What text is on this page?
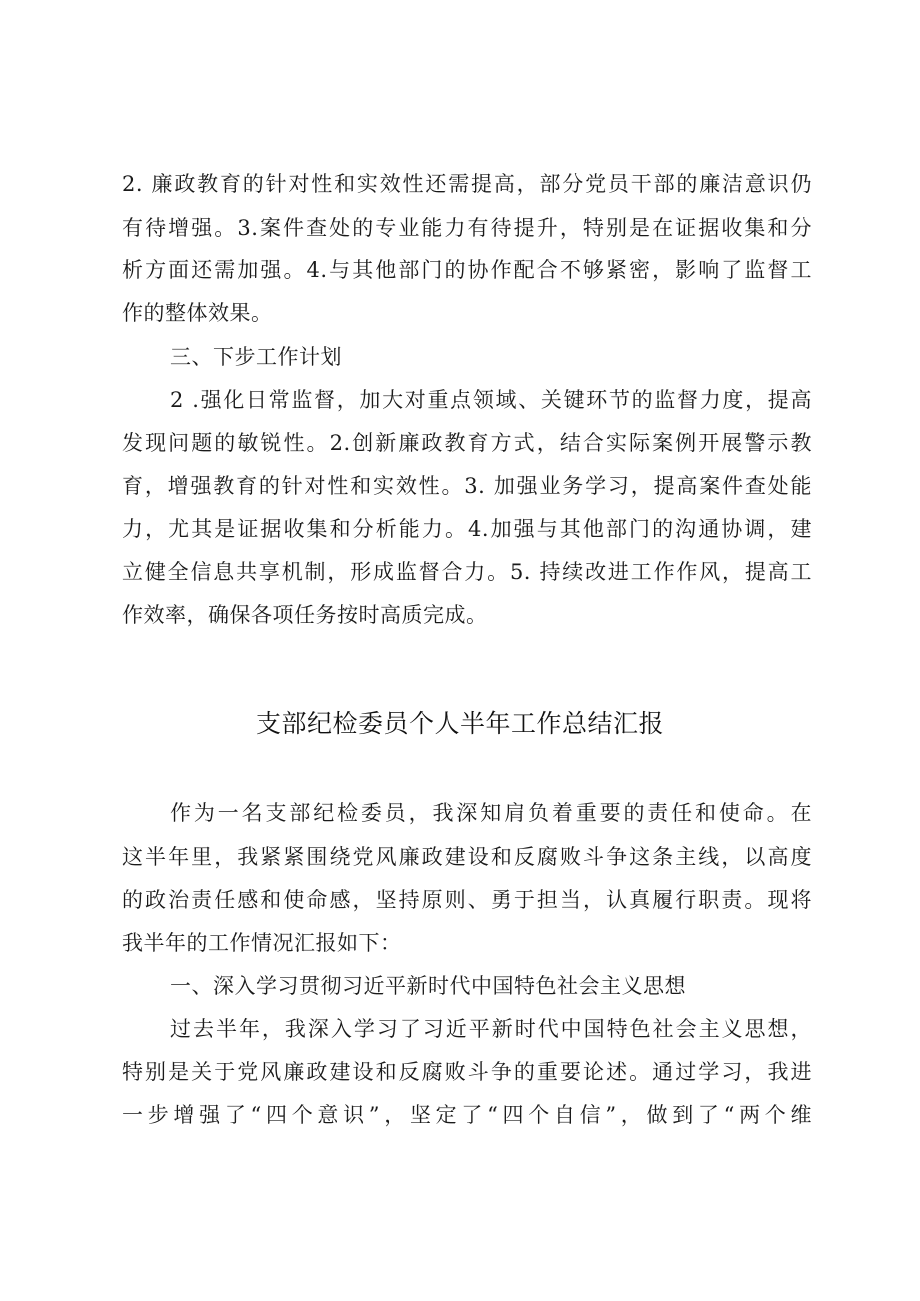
2. 廉政教育的针对性和实效性还需提高，部分党员干部的廉洁意识仍
有待增强。3.案件查处的专业能力有待提升，特别是在证据收集和分
析方面还需加强。4.与其他部门的协作配合不够紧密，影响了监督工
作的整体效果。
三、下步工作计划
2 .强化日常监督，加大对重点领域、关键环节的监督力度，提高
发现问题的敏锐性。2.创新廉政教育方式，结合实际案例开展警示教
育，增强教育的针对性和实效性。3. 加强业务学习，提高案件查处能
力，尤其是证据收集和分析能力。4.加强与其他部门的沟通协调，建
立健全信息共享机制，形成监督合力。5. 持续改进工作作风，提高工
作效率，确保各项任务按时高质完成。
支部纪检委员个人半年工作总结汇报
作为一名支部纪检委员，我深知肩负着重要的责任和使命。在
这半年里，我紧紧围绕党风廉政建设和反腐败斗争这条主线，以高度
的政治责任感和使命感，坚持原则、勇于担当，认真履行职责。现将
我半年的工作情况汇报如下：
一、深入学习贯彻习近平新时代中国特色社会主义思想
过去半年，我深入学习了习近平新时代中国特色社会主义思想，
特别是关于党风廉政建设和反腐败斗争的重要论述。通过学习，我进
一步增强了“四个意识”，坚定了“四个自信”，做到了“两个维
